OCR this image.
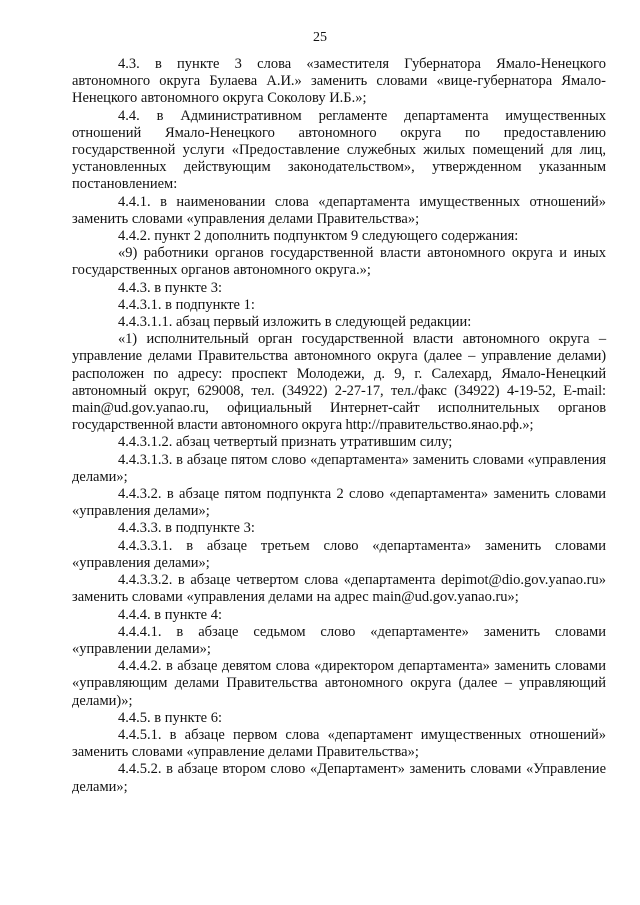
25

4.3. в пункте 3 слова «заместителя Губернатора Ямало-Ненецкого автономного округа Булаева А.И.» заменить словами «вице-губернатора Ямало-Ненецкого автономного округа Соколову И.Б.»;

4.4. в Административном регламенте департамента имущественных отношений Ямало-Ненецкого автономного округа по предоставлению государственной услуги «Предоставление служебных жилых помещений для лиц, установленных действующим законодательством», утвержденном указанным постановлением:

4.4.1. в наименовании слова «департамента имущественных отношений» заменить словами «управления делами Правительства»;

4.4.2. пункт 2 дополнить подпунктом 9 следующего содержания:

«9) работники органов государственной власти автономного округа и иных государственных органов автономного округа.»;

4.4.3. в пункте 3:

4.4.3.1. в подпункте 1:

4.4.3.1.1. абзац первый изложить в следующей редакции:

«1) исполнительный орган государственной власти автономного округа – управление делами Правительства автономного округа (далее – управление делами) расположен по адресу: проспект Молодежи, д. 9, г. Салехард, Ямало-Ненецкий автономный округ, 629008, тел. (34922) 2-27-17, тел./факс (34922) 4-19-52, E-mail: main@ud.gov.yanao.ru, официальный Интернет-сайт исполнительных органов государственной власти автономного округа http://правительство.янао.рф.»;

4.4.3.1.2. абзац четвертый признать утратившим силу;

4.4.3.1.3. в абзаце пятом слово «департамента» заменить словами «управления делами»;

4.4.3.2. в абзаце пятом подпункта 2 слово «департамента» заменить словами «управления делами»;

4.4.3.3. в подпункте 3:

4.4.3.3.1. в абзаце третьем слово «департамента» заменить словами «управления делами»;

4.4.3.3.2. в абзаце четвертом слова «департамента depimot@dio.gov.yanao.ru» заменить словами «управления делами на адрес main@ud.gov.yanao.ru»;

4.4.4. в пункте 4:

4.4.4.1. в абзаце седьмом слово «департаменте» заменить словами «управлении делами»;

4.4.4.2. в абзаце девятом слова «директором департамента» заменить словами «управляющим делами Правительства автономного округа (далее – управляющий делами)»;

4.4.5. в пункте 6:

4.4.5.1. в абзаце первом слова «департамент имущественных отношений» заменить словами «управление делами Правительства»;

4.4.5.2. в абзаце втором слово «Департамент» заменить словами «Управление делами»;
